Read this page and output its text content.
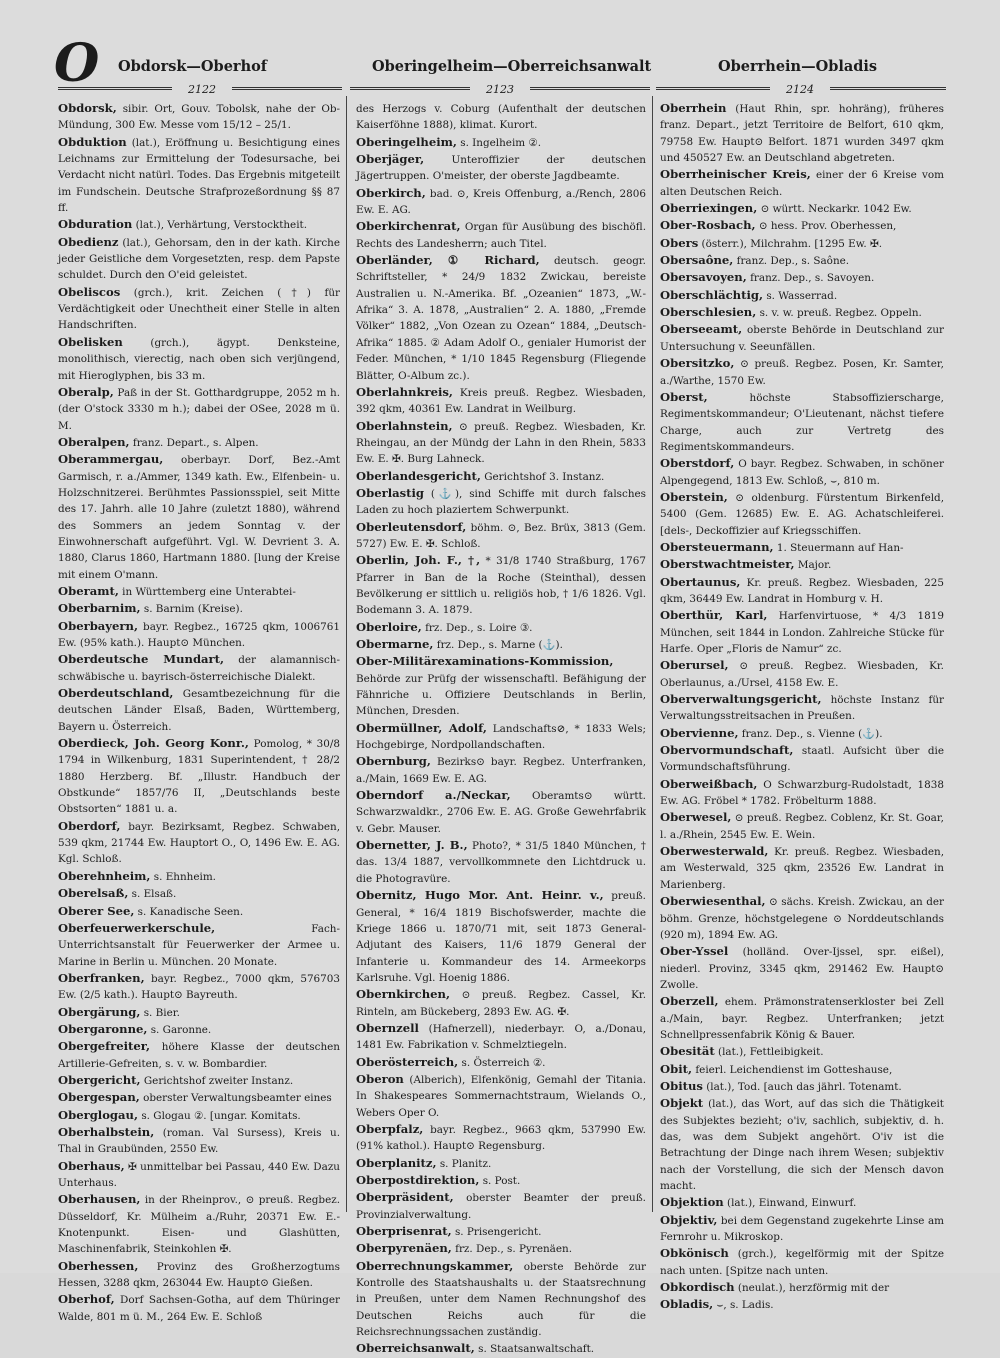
O Obdorsk—Oberhof	Oberingelheim—Oberreichsanwalt	Oberrhein—Obladis
2122	2123	2124

Obdorsk, sibir. Ort, Gouv. Tobolsk, nahe der Ob-Mündung, 300 Ew. Messe vom 15/12 – 25/1.

Obduktion (lat.), Eröffnung u. Besichtigung eines Leichnams zur Ermittelung der Todesursache, bei Verdacht nicht natürl. Todes. Das Ergebnis mitgeteilt im Fundschein. Deutsche Strafprozeßordnung §§ 87 ff.

Obduration (lat.), Verhärtung, Verstocktheit.

Obedienz (lat.), Gehorsam, den in der kath. Kirche jeder Geistliche dem Vorgesetzten, resp. dem Papste schuldet. Durch den O'eid geleistet.

Obeliscos (grch.), krit. Zeichen (†) für Verdächtigkeit oder Unechtheit einer Stelle in alten Handschriften.

Obelisken (grch.), ägypt. Denksteine, monolithisch, vierectig, nach oben sich verjüngend, mit Hieroglyphen, bis 33 m.

Oberalp, Paß in der St. Gotthardgruppe, 2052 m h. (der O'stock 3330 m h.); dabei der OSee, 2028 m ü. M.

Oberalpen, franz. Depart., s. Alpen.

Oberammergau, oberbayr. Dorf, Bez.-Amt Garmisch, r. a./Ammer, 1349 kath. Ew., Elfenbein- u. Holzschnitzerei. Berühmtes Passionsspiel, seit Mitte des 17. Jahrh. alle 10 Jahre (zuletzt 1880), während des Sommers an jedem Sonntag v. der Einwohnerschaft aufgeführt. Vgl. W. Devrient 3. A. 1880, Clarus 1860, Hartmann 1880. [lung der Kreise mit einem O'mann.

Oberamt, in Württemberg eine Unterabtei-

Oberbarnim, s. Barnim (Kreise).

Oberbayern, bayr. Regbez., 16725 qkm, 1006761 Ew. (95% kath.). Haupt⊙ München.

Oberdeutsche Mundart, der alamannisch-schwäbische u. bayrisch-österreichische Dialekt.

Oberdeutschland, Gesamtbezeichnung für die deutschen Länder Elsaß, Baden, Württemberg, Bayern u. Österreich.

Oberdieck, Joh. Georg Konr., Pomolog, * 30/8 1794 in Wilkenburg, 1831 Superintendent, † 28/2 1880 Herzberg. Bf. „Illustr. Handbuch der Obstkunde“ 1857/76 II, „Deutschlands beste Obstsorten“ 1881 u. a.

Oberdorf, bayr. Bezirksamt, Regbez. Schwaben, 539 qkm, 21744 Ew. Hauptort O., O, 1496 Ew. E. AG. Kgl. Schloß.

Oberehnheim, s. Ehnheim.

Oberelsaß, s. Elsaß.

Oberer See, s. Kanadische Seen.

Oberfeuerwerkerschule, Fach-Unterrichtsanstalt für Feuerwerker der Armee u. Marine in Berlin u. München. 20 Monate.

Oberfranken, bayr. Regbez., 7000 qkm, 576703 Ew. (2/5 kath.). Haupt⊙ Bayreuth.

Obergärung, s. Bier.

Obergaronne, s. Garonne.

Obergefreiter, höhere Klasse der deutschen Artillerie-Gefreiten, s. v. w. Bombardier.

Obergericht, Gerichtshof zweiter Instanz.

Obergespan, oberster Verwaltungsbeamter eines

Oberglogau, s. Glogau ②. [ungar. Komitats.

Oberhalbstein, (roman. Val Sursess), Kreis u. Thal in Graubünden, 2550 Ew.

Oberhaus, ✠ unmittelbar bei Passau, 440 Ew. Dazu Unterhaus.

Oberhausen, in der Rheinprov., ⊙ preuß. Regbez. Düsseldorf, Kr. Mülheim a./Ruhr, 20371 Ew. E.-Knotenpunkt. Eisen- und Glashütten, Maschinenfabrik, Steinkohlen ✠.

Oberhessen, Provinz des Großherzogtums Hessen, 3288 qkm, 263044 Ew. Haupt⊙ Gießen.

Oberhof, Dorf Sachsen-Gotha, auf dem Thüringer Walde, 801 m ü. M., 264 Ew. E. Schloß

des Herzogs v. Coburg (Aufenthalt der deutschen Kaiserföhne 1888), klimat. Kurort.

Oberingelheim, s. Ingelheim ②.

Oberjäger, Unteroffizier der deutschen Jägertruppen. O'meister, der oberste Jagdbeamte.

Oberkirch, bad. ⊙, Kreis Offenburg, a./Rench, 2806 Ew. E. AG.

Oberkirchenrat, Organ für Ausübung des bischöfl. Rechts des Landesherrn; auch Titel.

Oberländer, ① Richard, deutsch. geogr. Schriftsteller, * 24/9 1832 Zwickau, bereiste Australien u. N.-Amerika. Bf. „Ozeanien“ 1873, „W.-Afrika“ 3. A. 1878, „Australien“ 2. A. 1880, „Fremde Völker“ 1882, „Von Ozean zu Ozean“ 1884, „Deutsch-Afrika“ 1885. ② Adam Adolf O., genialer Humorist der Feder. München, * 1/10 1845 Regensburg (Fliegende Blätter, O-Album zc.).

Oberlahnkreis, Kreis preuß. Regbez. Wiesbaden, 392 qkm, 40361 Ew. Landrat in Weilburg.

Oberlahnstein, ⊙ preuß. Regbez. Wiesbaden, Kr. Rheingau, an der Mündg der Lahn in den Rhein, 5833 Ew. E. ✠. Burg Lahneck.

Oberlandesgericht, Gerichtshof 3. Instanz.

Oberlastig (⚓), sind Schiffe mit durch falsches Laden zu hoch plaziertem Schwerpunkt.

Oberleutensdorf, böhm. ⊙, Bez. Brüx, 3813 (Gem. 5727) Ew. E. ✠. Schloß.

Oberlin, Joh. F., †, * 31/8 1740 Straßburg, 1767 Pfarrer in Ban de la Roche (Steinthal), dessen Bevölkerung er sittlich u. religiös hob, † 1/6 1826. Vgl. Bodemann 3. A. 1879.

Oberloire, frz. Dep., s. Loire ③.

Obermarne, frz. Dep., s. Marne (⚓).

Ober-Militärexaminations-Kommission, Behörde zur Prüfg der wissenschaftl. Befähigung der Fähnriche u. Offiziere Deutschlands in Berlin, München, Dresden.

Obermüllner, Adolf, Landschafts⊘, * 1833 Wels; Hochgebirge, Nordpollandschaften.

Obernburg, Bezirks⊙ bayr. Regbez. Unterfranken, a./Main, 1669 Ew. E. AG.

Oberndorf a./Neckar, Oberamts⊙ württ. Schwarzwaldkr., 2706 Ew. E. AG. Große Gewehrfabrik v. Gebr. Mauser.

Obernetter, J. B., Photo?, * 31/5 1840 München, † das. 13/4 1887, vervollkommnete den Lichtdruck u. die Photogravüre.

Obernitz, Hugo Mor. Ant. Heinr. v., preuß. General, * 16/4 1819 Bischofswerder, machte die Kriege 1866 u. 1870/71 mit, seit 1873 General-Adjutant des Kaisers, 11/6 1879 General der Infanterie u. Kommandeur des 14. Armeekorps Karlsruhe. Vgl. Hoenig 1886.

Obernkirchen, ⊙ preuß. Regbez. Cassel, Kr. Rinteln, am Bückeberg, 2893 Ew. AG. ✠.

Obernzell (Hafnerzell), niederbayr. O, a./Donau, 1481 Ew. Fabrikation v. Schmelztiegeln.

Oberösterreich, s. Österreich ②.

Oberon (Alberich), Elfenkönig, Gemahl der Titania. In Shakespeares Sommernachtstraum, Wielands O., Webers Oper O.

Oberpfalz, bayr. Regbez., 9663 qkm, 537990 Ew. (91% kathol.). Haupt⊙ Regensburg.

Oberplanitz, s. Planitz.

Oberpostdirektion, s. Post.

Oberpräsident, oberster Beamter der preuß. Provinzialverwaltung.

Oberprisenrat, s. Prisengericht.

Oberpyrenäen, frz. Dep., s. Pyrenäen.

Oberrechnungskammer, oberste Behörde zur Kontrolle des Staatshaushalts u. der Staatsrechnung in Preußen, unter dem Namen Rechnungshof des Deutschen Reichs auch für die Reichsrechnungssachen zuständig.

Oberreichsanwalt, s. Staatsanwaltschaft.

Oberrhein (Haut Rhin, spr. hohräng), früheres franz. Depart., jetzt Territoire de Belfort, 610 qkm, 79758 Ew. Haupt⊙ Belfort. 1871 wurden 3497 qkm und 450527 Ew. an Deutschland abgetreten.

Oberrheinischer Kreis, einer der 6 Kreise vom alten Deutschen Reich.

Oberriexingen, ⊙ württ. Neckarkr. 1042 Ew.

Ober-Rosbach, ⊙ hess. Prov. Oberhessen,

Obers (österr.), Milchrahm. [1295 Ew. ✠.

Obersaône, franz. Dep., s. Saône.

Obersavoyen, franz. Dep., s. Savoyen.

Oberschlächtig, s. Wasserrad.

Oberschlesien, s. v. w. preuß. Regbez. Oppeln.

Oberseeamt, oberste Behörde in Deutschland zur Untersuchung v. Seeunfällen.

Obersitzko, ⊙ preuß. Regbez. Posen, Kr. Samter, a./Warthe, 1570 Ew.

Oberst, höchste Stabsoffizierscharge, Regimentskommandeur; O'Lieutenant, nächst tiefere Charge, auch zur Vertretg des Regimentskommandeurs.

Oberstdorf, O bayr. Regbez. Schwaben, in schöner Alpengegend, 1813 Ew. Schloß, ⌣, 810 m.

Oberstein, ⊙ oldenburg. Fürstentum Birkenfeld, 5400 (Gem. 12685) Ew. E. AG. Achatschleiferei. [dels-, Deckoffizier auf Kriegsschiffen.

Obersteuermann, 1. Steuermann auf Han-

Oberstwachtmeister, Major.

Obertaunus, Kr. preuß. Regbez. Wiesbaden, 225 qkm, 36449 Ew. Landrat in Homburg v. H.

Oberthür, Karl, Harfenvirtuose, * 4/3 1819 München, seit 1844 in London. Zahlreiche Stücke für Harfe. Oper „Floris de Namur“ zc.

Oberursel, ⊙ preuß. Regbez. Wiesbaden, Kr. Oberlaunus, a./Ursel, 4158 Ew. E.

Oberverwaltungsgericht, höchste Instanz für Verwaltungsstreitsachen in Preußen.

Obervienne, franz. Dep., s. Vienne (⚓).

Obervormundschaft, staatl. Aufsicht über die Vormundschaftsführung.

Oberweißbach, O Schwarzburg-Rudolstadt, 1838 Ew. AG. Fröbel * 1782. Fröbelturm 1888.

Oberwesel, ⊙ preuß. Regbez. Coblenz, Kr. St. Goar, l. a./Rhein, 2545 Ew. E. Wein.

Oberwesterwald, Kr. preuß. Regbez. Wiesbaden, am Westerwald, 325 qkm, 23526 Ew. Landrat in Marienberg.

Oberwiesenthal, ⊙ sächs. Kreish. Zwickau, an der böhm. Grenze, höchstgelegene ⊙ Norddeutschlands (920 m), 1894 Ew. AG.

Ober-Yssel (holländ. Over-Ijssel, spr. eißel), niederl. Provinz, 3345 qkm, 291462 Ew. Haupt⊙ Zwolle.

Oberzell, ehem. Prämonstratenserkloster bei Zell a./Main, bayr. Regbez. Unterfranken; jetzt Schnellpressenfabrik König & Bauer.

Obesität (lat.), Fettleibigkeit.

Obit, feierl. Leichendienst im Gotteshause,

Obitus (lat.), Tod. [auch das jährl. Totenamt.

Objekt (lat.), das Wort, auf das sich die Thätigkeit des Subjektes bezieht; o'iv, sachlich, subjektiv, d. h. das, was dem Subjekt angehört. O'iv ist die Betrachtung der Dinge nach ihrem Wesen; subjektiv nach der Vorstellung, die sich der Mensch davon macht.

Objektion (lat.), Einwand, Einwurf.

Objektiv, bei dem Gegenstand zugekehrte Linse am Fernrohr u. Mikroskop.

Obkönisch (grch.), kegelförmig mit der Spitze nach unten. [Spitze nach unten.

Obkordisch (neulat.), herzförmig mit der

Obladis, ⌣, s. Ladis.
